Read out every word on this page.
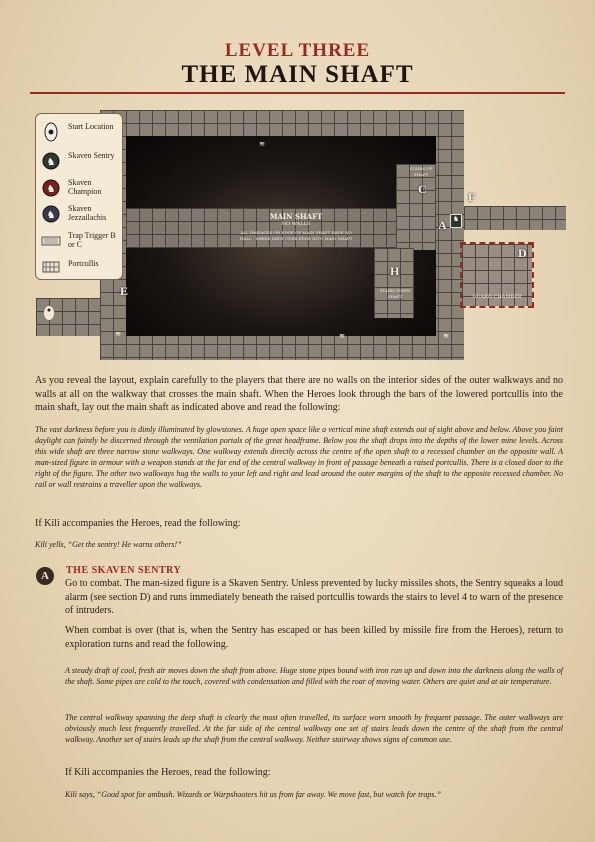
LEVEL THREE
THE MAIN SHAFT
MAIN SHAFT
NO WALLS
ALL PASSAGES ON EDGE OF MAIN SHAFT HAVE NO WALL - SHEER DROP OVER EDGE INTO MAIN SHAFT
STAIRS UP SHAFT
STAIRS DOWN SHAFT	GUARD CHAMBER
A
C
D
E
F
H
≋
≋	≋	≋
●
♞
Start Location
♞
Skaven Sentry
♞
Skaven Champion
♞
Skaven Jezzailachis
Trap Trigger B or C
Portcullis
As you reveal the layout, explain carefully to the players that there are no walls on the interior sides of the outer walkways and no walls at all on the walkway that crosses the main shaft. When the Heroes look through the bars of the lowered portcullis into the main shaft, lay out the main shaft as indicated above and read the following:
The vast darkness before you is dimly illuminated by glowstones. A huge open space like a vertical mine shaft extends out of sight above and below. Above you faint daylight can faintly be discerned through the ventilation portals of the great headframe. Below you the shaft drops into the depths of the lower mine levels. Across this wide shaft are three narrow stone walkways. One walkway extends directly across the centre of the open shaft to a recessed chamber on the opposite wall. A man-sized figure in armour with a weapon stands at the far end of the central walkway in front of passage beneath a raised portcullis. There is a closed door to the right of the figure. The other two walkways hug the walls to your left and right and lead around the outer margins of the shaft to the opposite recessed chamber. No rail or wall restrains a traveller upon the walkways.
If Kili accompanies the Heroes, read the following:
Kili yells, “Get the sentry! He warns others!”
A	THE SKAVEN SENTRY
Go to combat. The man-sized figure is a Skaven Sentry. Unless prevented by lucky missiles shots, the Sentry squeaks a loud alarm (see section D) and runs immediately beneath the raised portcullis towards the stairs to level 4 to warn of the presence of intruders.
When combat is over (that is, when the Sentry has escaped or has been killed by missile fire from the Heroes), return to exploration turns and read the following.
A steady draft of cool, fresh air moves down the shaft from above. Huge stone pipes bound with iron run up and down into the darkness along the walls of the shaft. Some pipes are cold to the touch, covered with condensation and filled with the roar of moving water. Others are quiet and at air temperature.
The central walkway spanning the deep shaft is clearly the most often travelled, its surface worn smooth by frequent passage. The outer walkways are obviously much less frequently travelled. At the far side of the central walkway one set of stairs leads down the centre of the shaft from the central walkway. Another set of stairs leads up the shaft from the central walkway. Neither stairway shows signs of common use.
If Kili accompanies the Heroes, read the following:
Kili says, “Good spot for ambush. Wizards or Warpshooters hit us from far away. We move fast, but watch for traps.”
